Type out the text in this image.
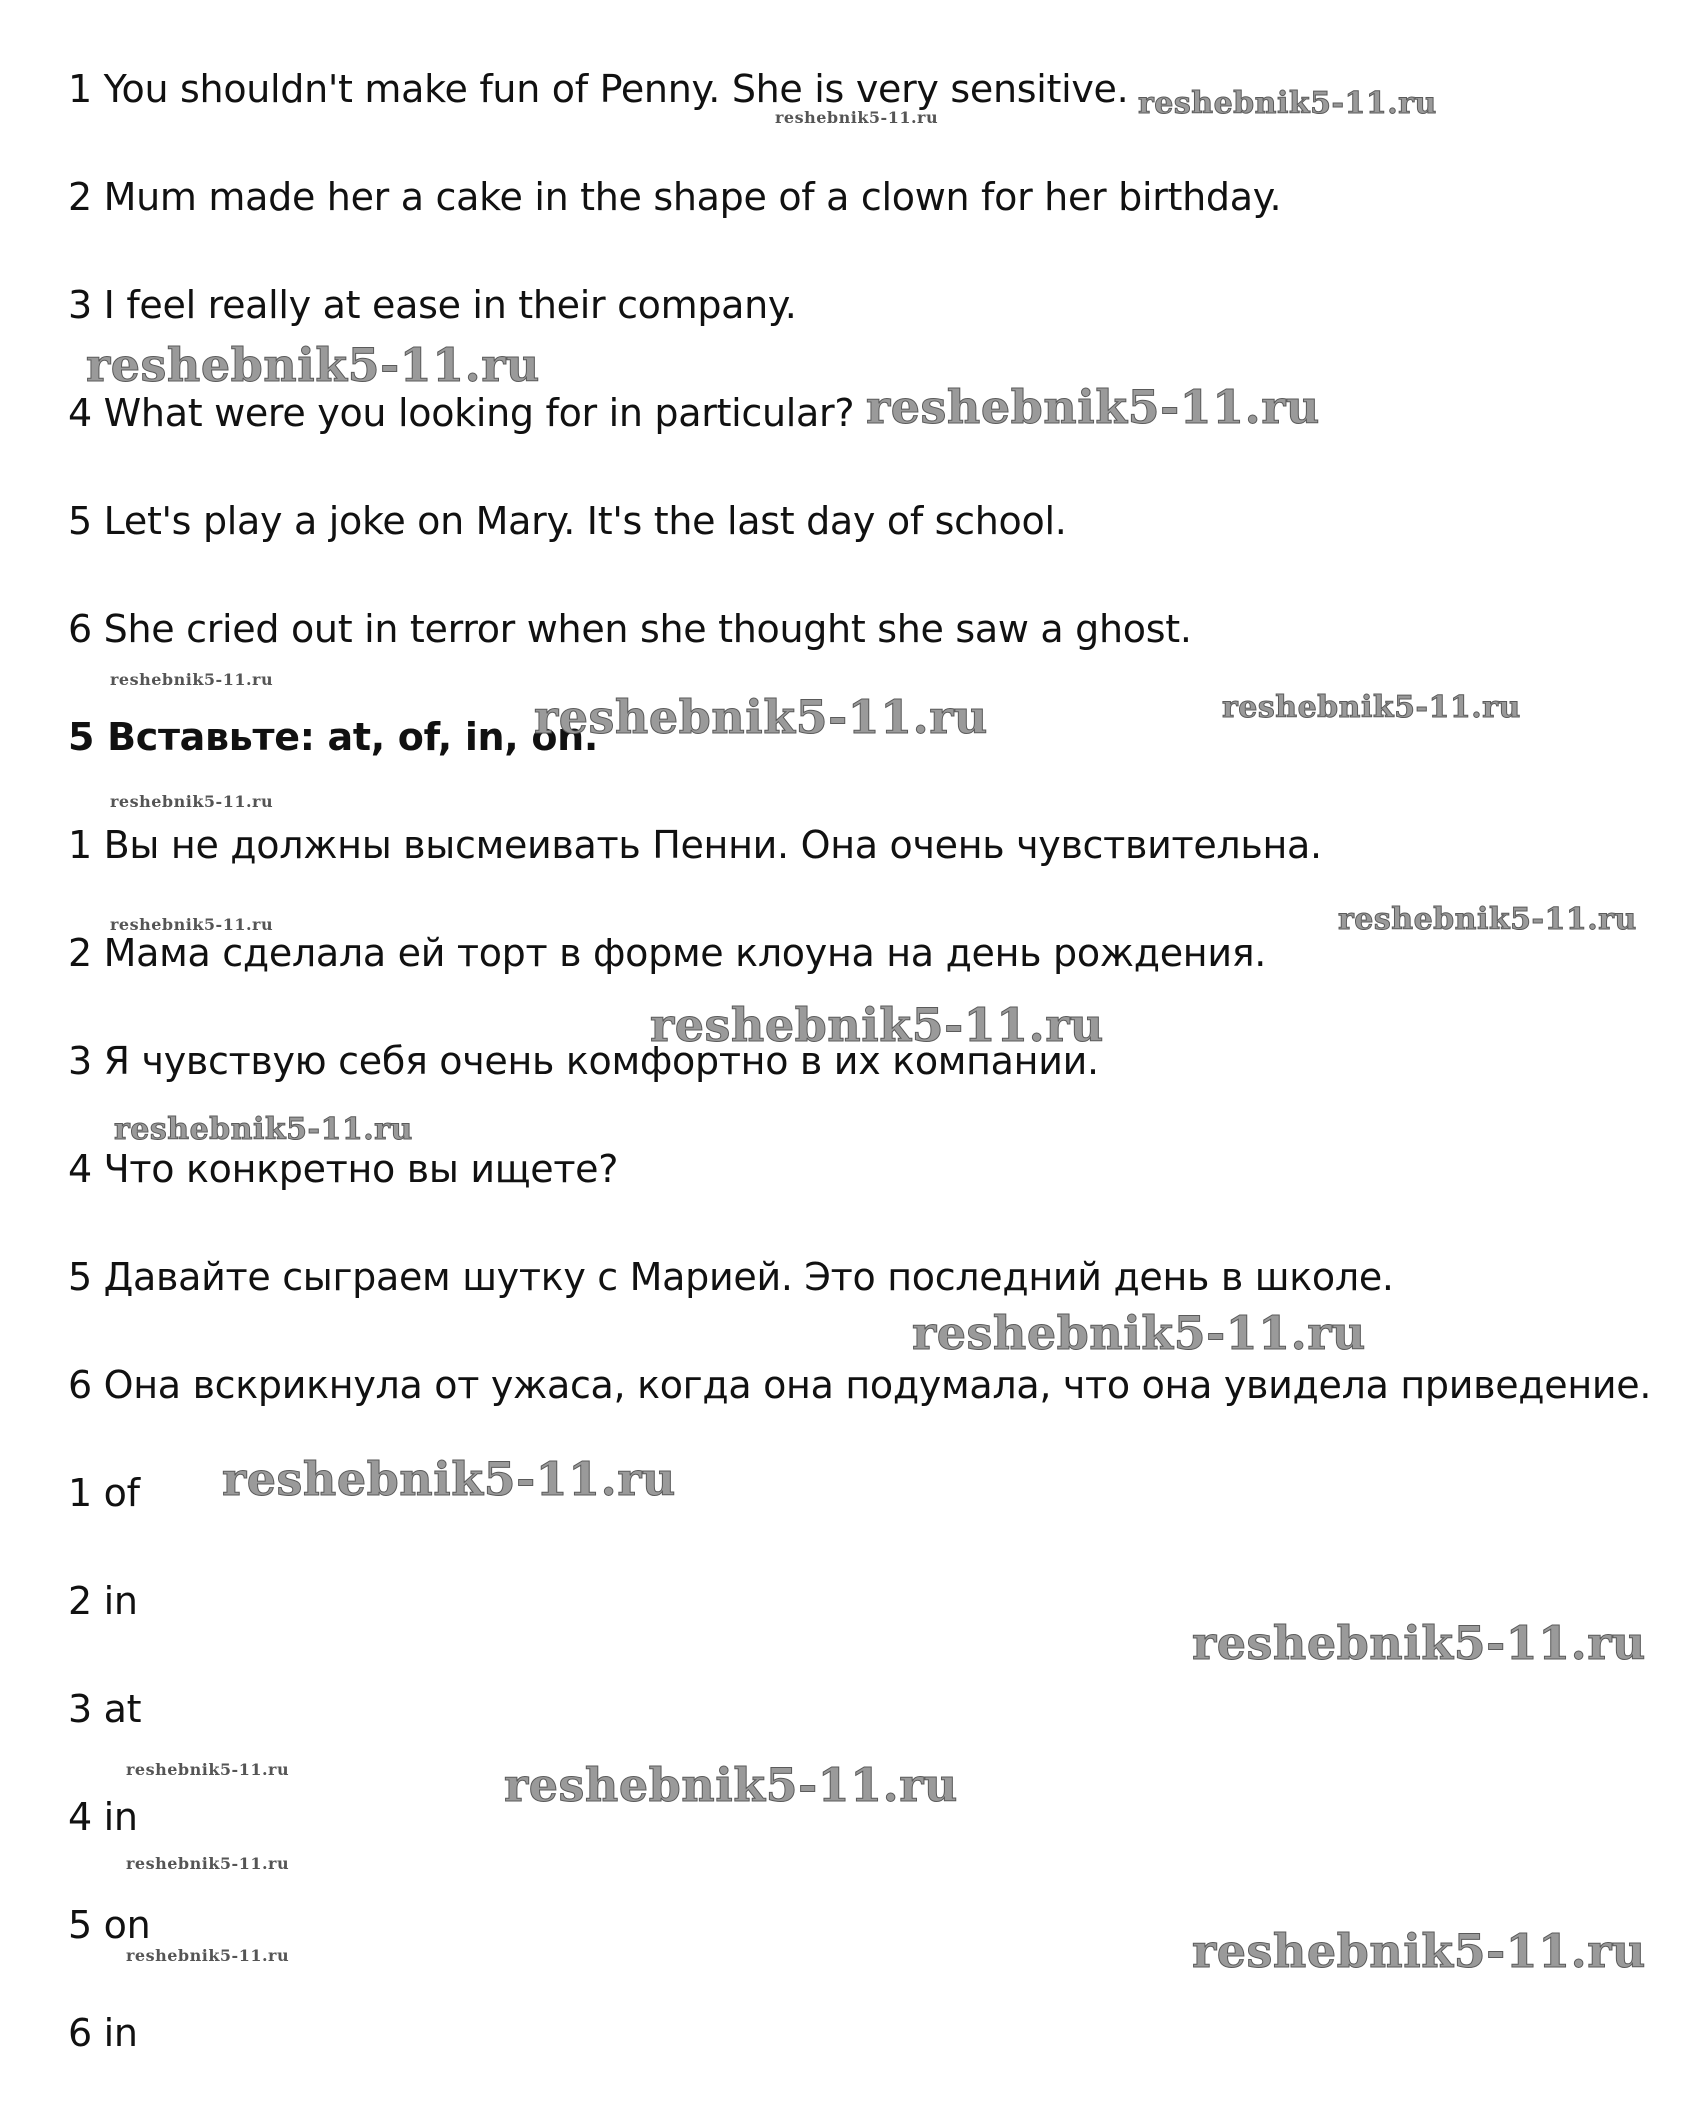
1 You shouldn't make fun of Penny. She is very sensitive.
2 Mum made her a cake in the shape of a clown for her birthday.
3 I feel really at ease in their company.
4 What were you looking for in particular?
5 Let's play a joke on Mary. It's the last day of school.
6 She cried out in terror when she thought she saw a ghost.
5 Вставьте: at, of, in, on.
1 Вы не должны высмеивать Пенни. Она очень чувствительна.
2 Мама сделала ей торт в форме клоуна на день рождения.
3 Я чувствую себя очень комфортно в их компании.
4 Что конкретно вы ищете?
5 Давайте сыграем шутку с Марией. Это последний день в школе.
6 Она вскрикнула от ужаса, когда она подумала, что она увидела приведение.
1 of
2 in
3 at
4 in
5 on
6 in
reshebnik5-11.ru
reshebnik5-11.ru
reshebnik5-11.ru
reshebnik5-11.ru
reshebnik5-11.ru
reshebnik5-11.ru	reshebnik5-11.ru
reshebnik5-11.ru
reshebnik5-11.ru	reshebnik5-11.ru
reshebnik5-11.ru
reshebnik5-11.ru
reshebnik5-11.ru
reshebnik5-11.ru
reshebnik5-11.ru
reshebnik5-11.ru	reshebnik5-11.ru
reshebnik5-11.ru
reshebnik5-11.ru	reshebnik5-11.ru
